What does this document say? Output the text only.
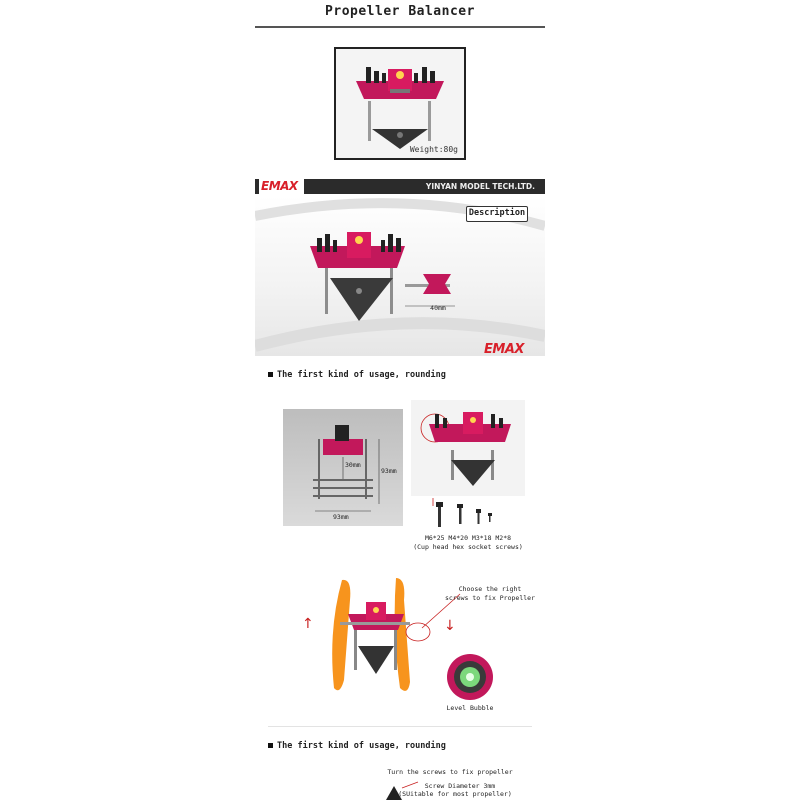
Propeller Balancer
Weight:80g
EMAX	YINYAN MODEL TECH.LTD.
40mm
Description
EMAX
The first kind of usage, rounding
30mm
93mm
93mm
M6*25 M4*20 M3*18 M2*8
(Cup head hex socket screws)
↑	↓
Choose the right
screws to fix Propeller
Level Bubble
The first kind of usage, rounding
Turn the screws to fix propeller
Screw Diameter 3mm
(SUitable for most propeller)
